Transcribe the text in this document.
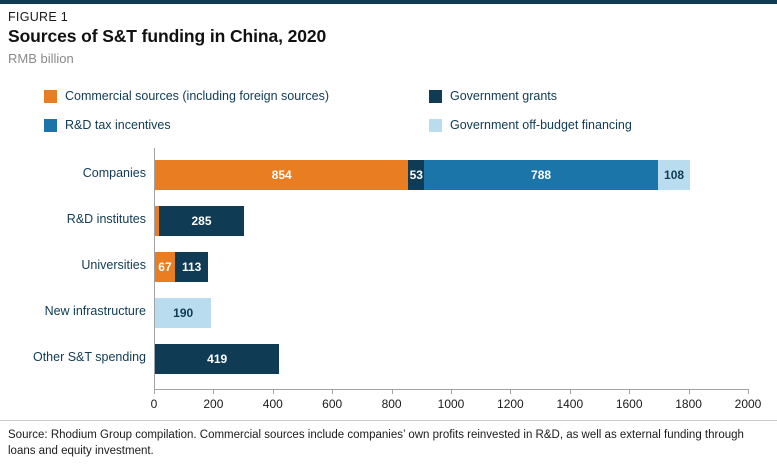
FIGURE 1
Sources of S&T funding in China, 2020
RMB billion
Commercial sources (including foreign sources)	Government grants
R&D tax incentives	Government off-budget financing
Companies
R&D institutes
Universities
New infrastructure
Other S&T spending
854	53	788	108
285
67 113
190
419
0	200	400	600	800	1000	1200	1400	1600	1800	2000
Source: Rhodium Group compilation. Commercial sources include companies’ own profits reinvested in R&D, as well as external funding through loans and equity investment.
